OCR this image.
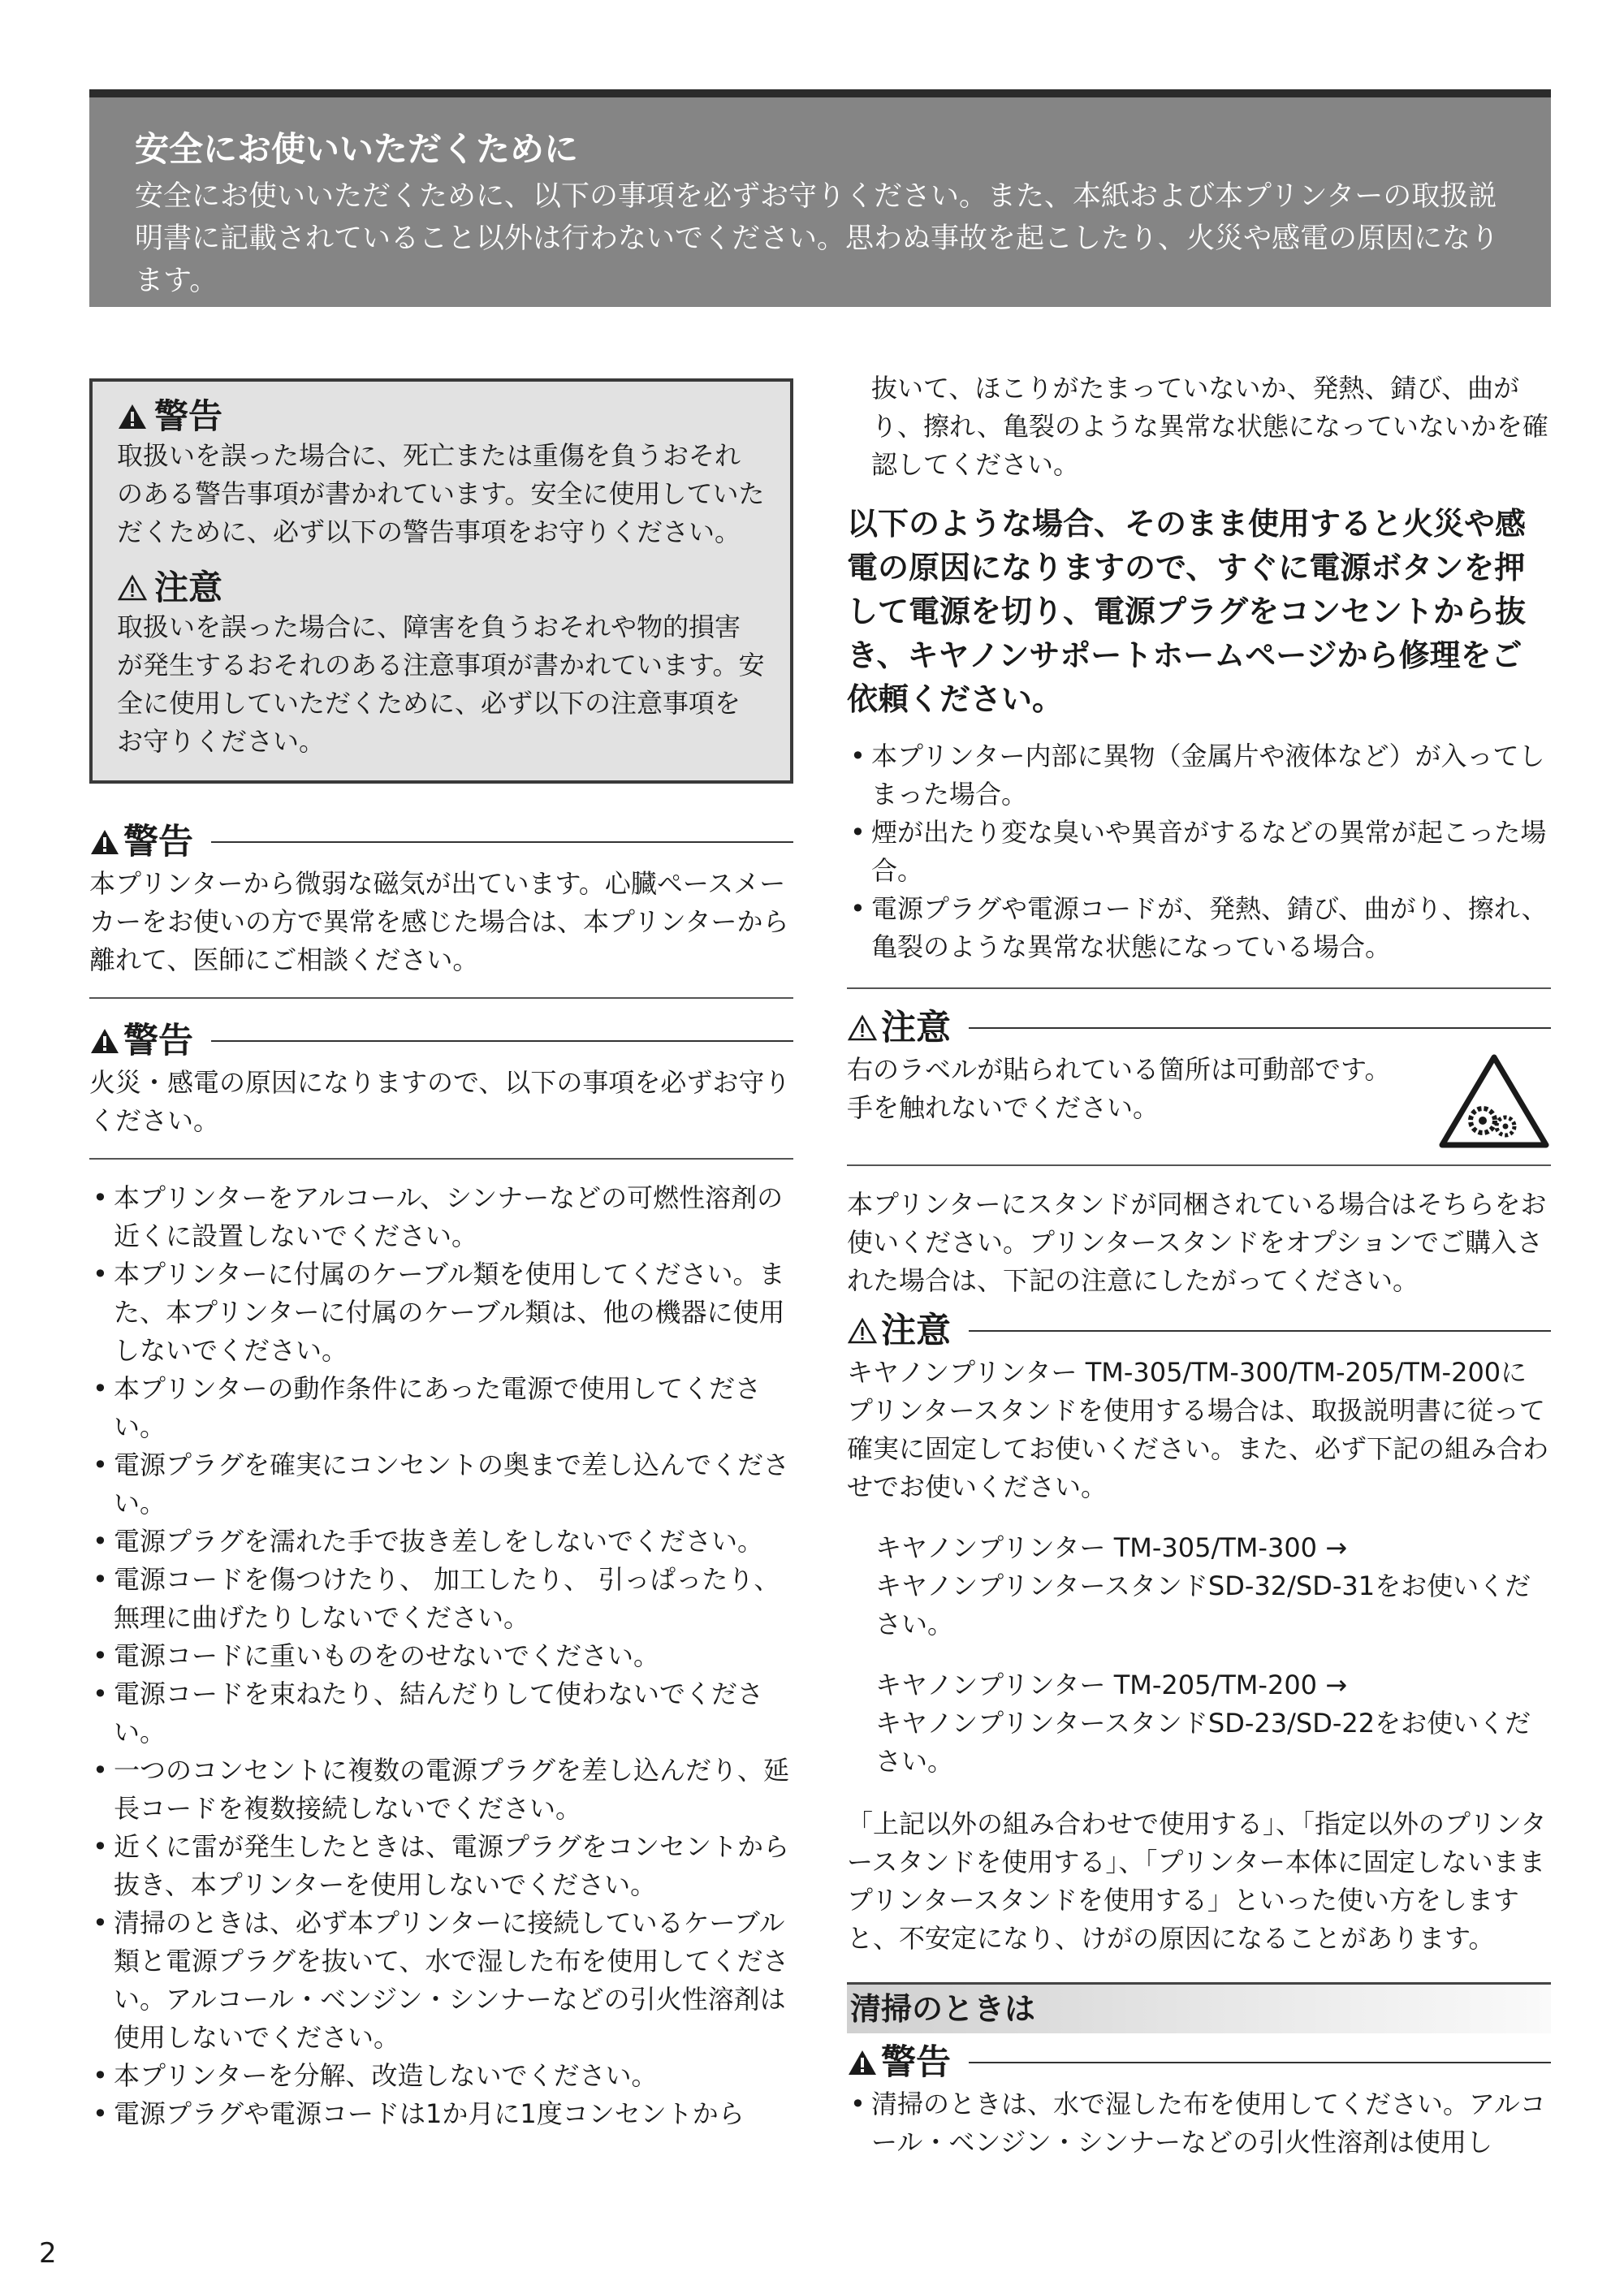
安全にお使いいただくために
安全にお使いいただくために、以下の事項を必ずお守りください。また、本紙および本プリンターの取扱説明書に記載されていること以外は行わないでください。思わぬ事故を起こしたり、火災や感電の原因になります。
警告
取扱いを誤った場合に、死亡または重傷を負うおそれのある警告事項が書かれています。安全に使用していただくために、必ず以下の警告事項をお守りください。
注意
取扱いを誤った場合に、障害を負うおそれや物的損害が発生するおそれのある注意事項が書かれています。安全に使用していただくために、必ず以下の注意事項をお守りください。
警告

本プリンターから微弱な磁気が出ています。心臓ペースメーカーをお使いの方で異常を感じた場合は、本プリンターから離れて、医師にご相談ください。

警告

火災・感電の原因になりますので、以下の事項を必ずお守りください。

• 本プリンターをアルコール、シンナーなどの可燃性溶剤の近くに設置しないでください。
• 本プリンターに付属のケーブル類を使用してください。また、本プリンターに付属のケーブル類は、他の機器に使用しないでください。
• 本プリンターの動作条件にあった電源で使用してください。
• 電源プラグを確実にコンセントの奥まで差し込んでください。
• 電源プラグを濡れた手で抜き差しをしないでください。
• 電源コードを傷つけたり、 加工したり、 引っぱったり、無理に曲げたりしないでください。
• 電源コードに重いものをのせないでください。
• 電源コードを束ねたり、結んだりして使わないでください。
• 一つのコンセントに複数の電源プラグを差し込んだり、延長コードを複数接続しないでください。
• 近くに雷が発生したときは、電源プラグをコンセントから抜き、本プリンターを使用しないでください。
• 清掃のときは、必ず本プリンターに接続しているケーブル類と電源プラグを抜いて、水で湿した布を使用してください。アルコール・ベンジン・シンナーなどの引火性溶剤は使用しないでください。
• 本プリンターを分解、改造しないでください。
• 電源プラグや電源コードは1か月に1度コンセントから

抜いて、ほこりがたまっていないか、発熱、錆び、曲がり、擦れ、亀裂のような異常な状態になっていないかを確認してください。

以下のような場合、そのまま使用すると火災や感電の原因になりますので、すぐに電源ボタンを押して電源を切り、電源プラグをコンセントから抜き、キヤノンサポートホームページから修理をご依頼ください。
• 本プリンター内部に異物（金属片や液体など）が入ってしまった場合。
• 煙が出たり変な臭いや異音がするなどの異常が起こった場合。
• 電源プラグや電源コードが、発熱、錆び、曲がり、擦れ、亀裂のような異常な状態になっている場合。
注意

右のラベルが貼られている箇所は可動部です。手を触れないでください。

本プリンターにスタンドが同梱されている場合はそちらをお使いください。プリンタースタンドをオプションでご購入された場合は、下記の注意にしたがってください。

注意

キヤノンプリンター TM-305/TM-300/TM-205/TM-200にプリンタースタンドを使用する場合は、取扱説明書に従って確実に固定してお使いください。また、必ず下記の組み合わせでお使いください。

キヤノンプリンター TM-305/TM-300 →

キヤノンプリンタースタンドSD-32/SD-31をお使いください。

キヤノンプリンター TM-205/TM-200 →

キヤノンプリンタースタンドSD-23/SD-22をお使いください。

「上記以外の組み合わせで使用する」、「指定以外のプリンタースタンドを使用する」、「プリンター本体に固定しないままプリンタースタンドを使用する」といった使い方をしますと、不安定になり、けがの原因になることがあります。

清掃のときは
警告
• 清掃のときは、水で湿した布を使用してください。アルコール・ベンジン・シンナーなどの引火性溶剤は使用し
2
